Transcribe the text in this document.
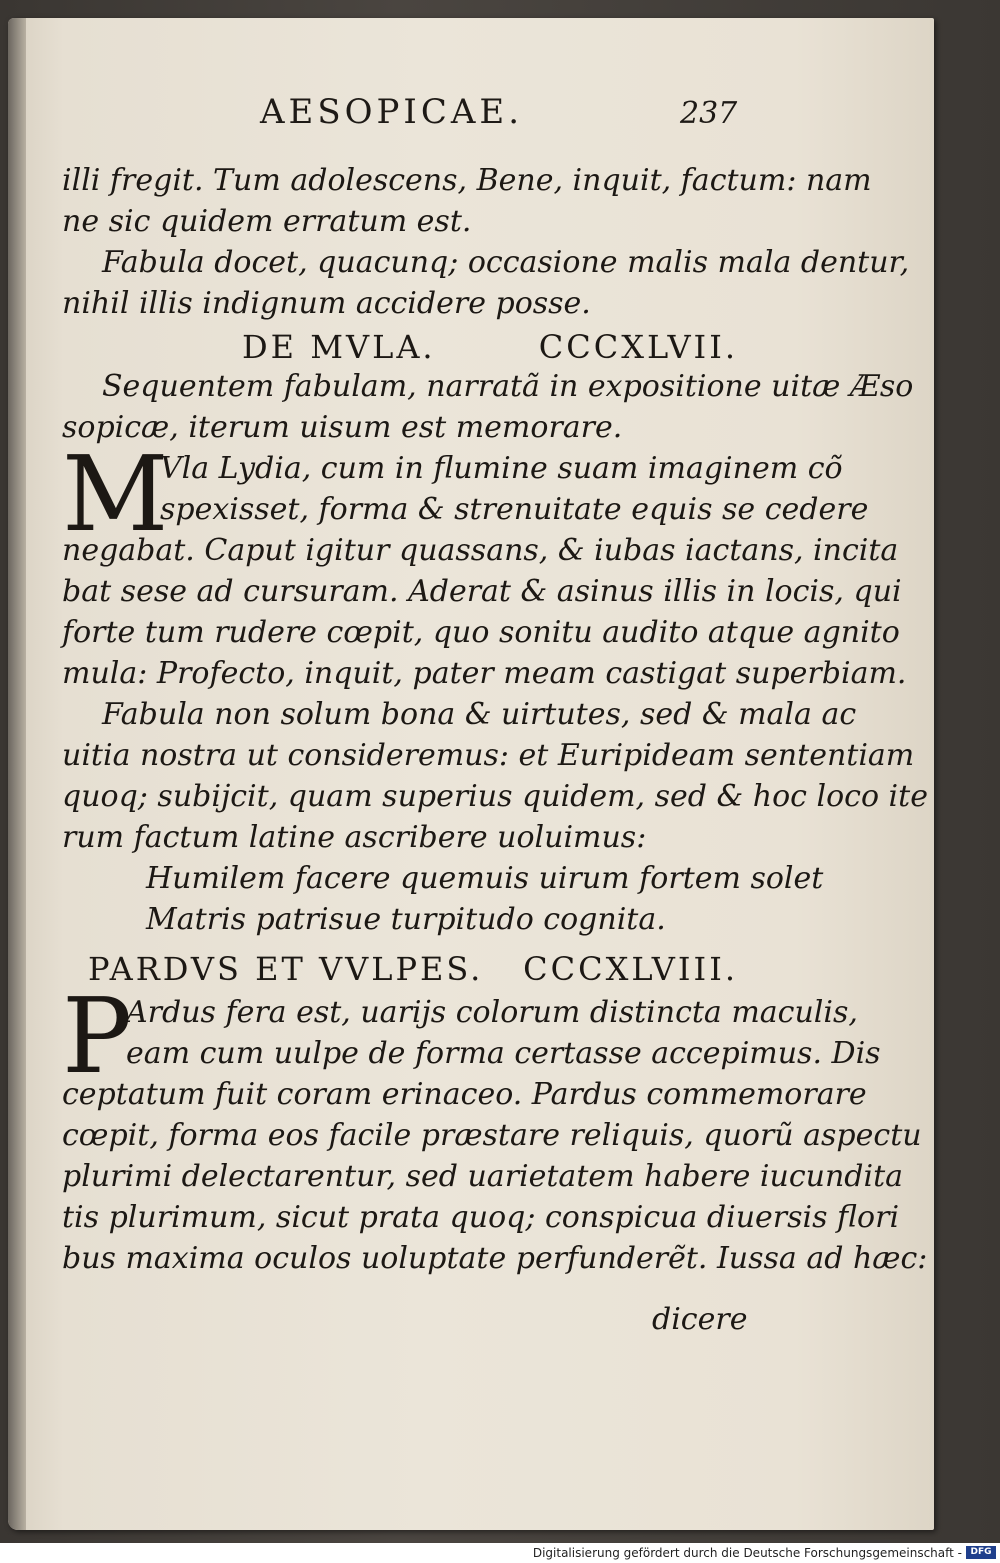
AESOPICAE.	237
illi fregit. Tum adolescens, Bene, inquit, factum: nam
ne sic quidem erratum est.
Fabula docet, quacunq; occasione malis mala dentur,
nihil illis indignum accidere posse.
DE MVLA.	CCCXLVII.
Sequentem fabulam, narratã in expositione uitæ Æso
sopicæ, iterum uisum est memorare.
M
Vla Lydia, cum in flumine suam imaginem cõ
spexisset, forma & strenuitate equis se cedere
negabat. Caput igitur quassans, & iubas iactans, incita
bat sese ad cursuram. Aderat & asinus illis in locis, qui
forte tum rudere cœpit, quo sonitu audito atque agnito
mula: Profecto, inquit, pater meam castigat superbiam.
Fabula non solum bona & uirtutes, sed & mala ac
uitia nostra ut consideremus: et Euripideam sententiam
quoq; subijcit, quam superius quidem, sed & hoc loco ite
rum factum latine ascribere uoluimus:
Humilem facere quemuis uirum fortem solet
Matris patrisue turpitudo cognita.
PARDVS ET VVLPES. CCCXLVIII.
P
Ardus fera est, uarijs colorum distincta maculis,
eam cum uulpe de forma certasse accepimus. Dis
ceptatum fuit coram erinaceo. Pardus commemorare
cœpit, forma eos facile præstare reliquis, quorũ aspectu
plurimi delectarentur, sed uarietatem habere iucundita
tis plurimum, sicut prata quoq; conspicua diuersis flori
bus maxima oculos uoluptate perfunderẽt. Iussa ad hæc:
dicere
Digitalisierung gefördert durch die Deutsche Forschungsgemeinschaft - DFG
